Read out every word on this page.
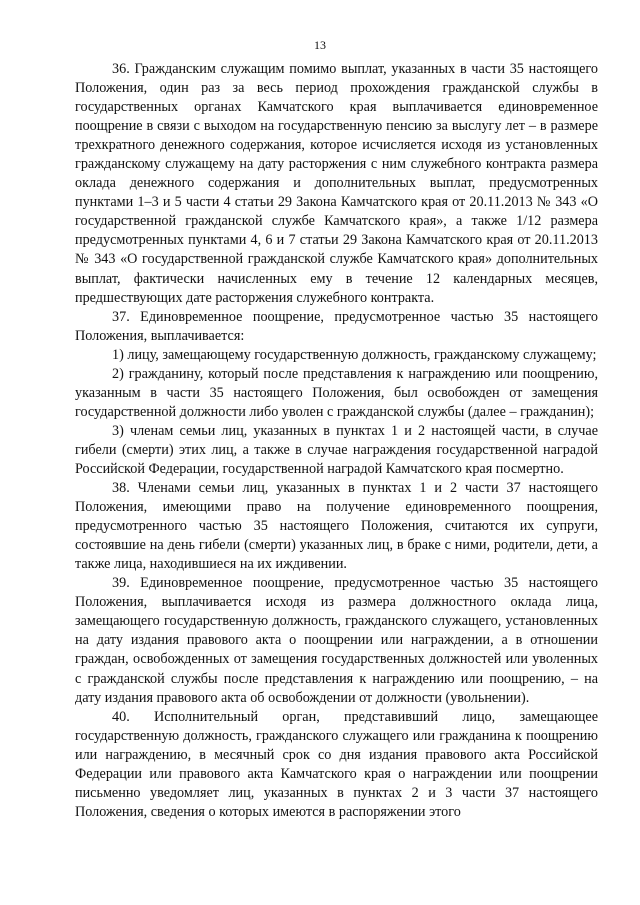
13

36. Гражданским служащим помимо выплат, указанных в части 35 настоящего Положения, один раз за весь период прохождения гражданской службы в государственных органах Камчатского края выплачивается единовременное поощрение в связи с выходом на государственную пенсию за выслугу лет – в размере трехкратного денежного содержания, которое исчисляется исходя из установленных гражданскому служащему на дату расторжения с ним служебного контракта размера оклада денежного содержания и дополнительных выплат, предусмотренных пунктами 1–3 и 5 части 4 статьи 29 Закона Камчатского края от 20.11.2013 № 343 «О государственной гражданской службе Камчатского края», а также 1/12 размера предусмотренных пунктами 4, 6 и 7 статьи 29 Закона Камчатского края от 20.11.2013 № 343 «О государственной гражданской службе Камчатского края» дополнительных выплат, фактически начисленных ему в течение 12 календарных месяцев, предшествующих дате расторжения служебного контракта.

37. Единовременное поощрение, предусмотренное частью 35 настоящего Положения, выплачивается:

1) лицу, замещающему государственную должность, гражданскому служащему;

2) гражданину, который после представления к награждению или поощрению, указанным в части 35 настоящего Положения, был освобожден от замещения государственной должности либо уволен с гражданской службы (далее – гражданин);

3) членам семьи лиц, указанных в пунктах 1 и 2 настоящей части, в случае гибели (смерти) этих лиц, а также в случае награждения государственной наградой Российской Федерации, государственной наградой Камчатского края посмертно.

38. Членами семьи лиц, указанных в пунктах 1 и 2 части 37 настоящего Положения, имеющими право на получение единовременного поощрения, предусмотренного частью 35 настоящего Положения, считаются их супруги, состоявшие на день гибели (смерти) указанных лиц, в браке с ними, родители, дети, а также лица, находившиеся на их иждивении.

39. Единовременное поощрение, предусмотренное частью 35 настоящего Положения, выплачивается исходя из размера должностного оклада лица, замещающего государственную должность, гражданского служащего, установленных на дату издания правового акта о поощрении или награждении, а в отношении граждан, освобожденных от замещения государственных должностей или уволенных с гражданской службы после представления к награждению или поощрению, – на дату издания правового акта об освобождении от должности (увольнении).

40. Исполнительный орган, представивший лицо, замещающее государственную должность, гражданского служащего или гражданина к поощрению или награждению, в месячный срок со дня издания правового акта Российской Федерации или правового акта Камчатского края о награждении или поощрении письменно уведомляет лиц, указанных в пунктах 2 и 3 части 37 настоящего Положения, сведения о которых имеются в распоряжении этого
